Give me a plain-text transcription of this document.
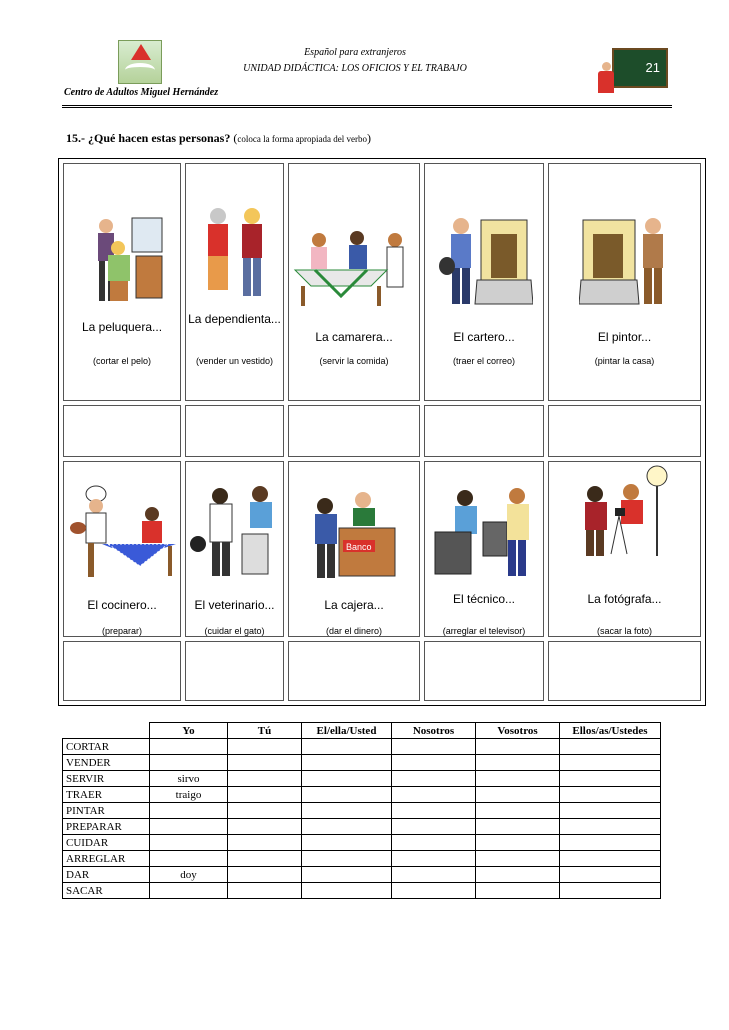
Español para extranjeros
UNIDAD DIDÁCTICA: LOS OFICIOS Y EL TRABAJO
Centro de Adultos Miguel Hernández
21
15.- ¿Qué hacen estas personas? (coloca la forma apropiada del verbo)
La peluquera...
(cortar el pelo)
La dependienta...
(vender un vestido)
La camarera...
(servir la comida)
El cartero...
(traer el correo)
El pintor...
(pintar la casa)
El cocinero...
(preparar)
El veterinario...
(cuidar el gato)
Banco
La cajera...
(dar el dinero)
El técnico...
(arreglar el televisor)
La fotógrafa...
(sacar la foto)
	Yo	Tú	El/ella/Usted	Nosotros	Vosotros	Ellos/as/Ustedes
CORTAR						
VENDER						
SERVIR	sirvo					
TRAER	traigo					
PINTAR						
PREPARAR						
CUIDAR						
ARREGLAR						
DAR	doy					
SACAR						
